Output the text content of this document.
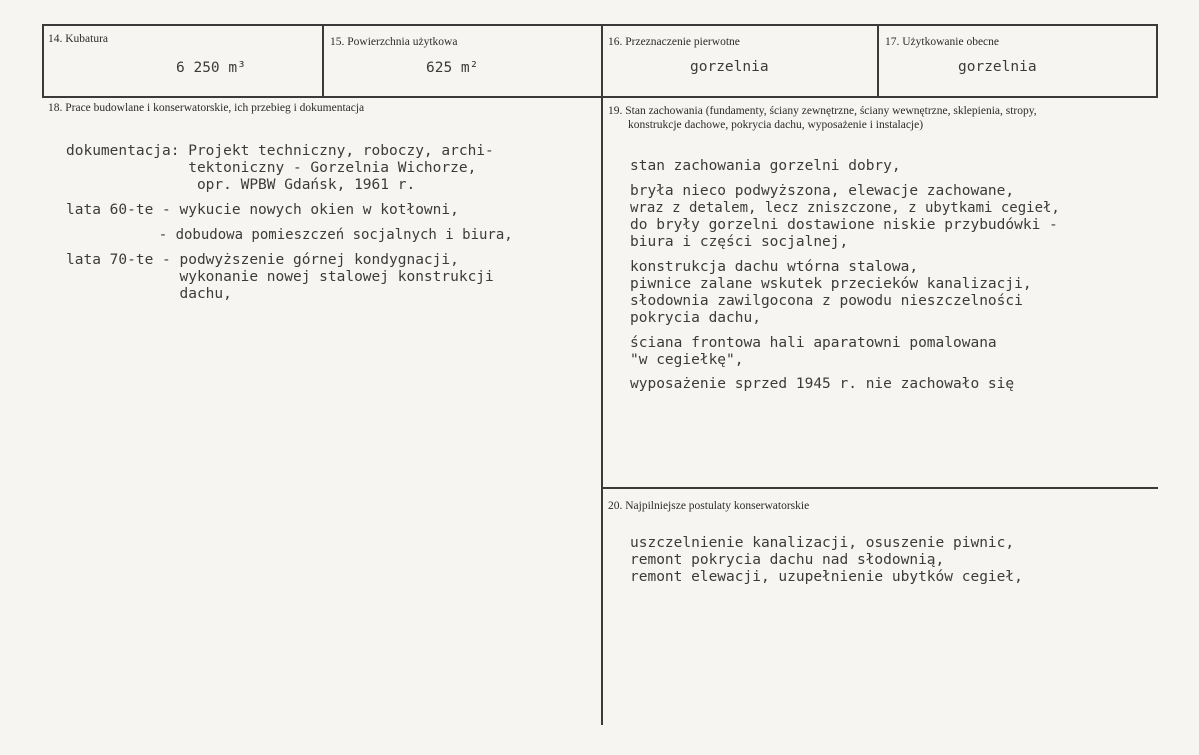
14. Kubatura
6 250 m³
15. Powierzchnia użytkowa
625 m²
16. Przeznaczenie pierwotne
gorzelnia
17. Użytkowanie obecne
gorzelnia
18. Prace budowlane i konserwatorskie, ich przebieg i dokumentacja
dokumentacja: Projekt techniczny, roboczy, archi-
tektoniczny - Gorzelnia Wichorze,
opr. WPBW Gdańsk, 1961 r.
lata 60-te - wykucie nowych okien w kotłowni,
- dobudowa pomieszczeń socjalnych i biura,
lata 70-te - podwyższenie górnej kondygnacji,
wykonanie nowej stalowej konstrukcji
dachu,
19. Stan zachowania (fundamenty, ściany zewnętrzne, ściany wewnętrzne, sklepienia, stropy,
konstrukcje dachowe, pokrycia dachu, wyposażenie i instalacje)
stan zachowania gorzelni dobry,
bryła nieco podwyższona, elewacje zachowane,
wraz z detalem, lecz zniszczone, z ubytkami cegieł,
do bryły gorzelni dostawione niskie przybudówki -
biura i części socjalnej,
konstrukcja dachu wtórna stalowa,
piwnice zalane wskutek przecieków kanalizacji,
słodownia zawilgocona z powodu nieszczelności
pokrycia dachu,
ściana frontowa hali aparatowni pomalowana
"w cegiełkę",
wyposażenie sprzed 1945 r. nie zachowało się
20. Najpilniejsze postulaty konserwatorskie
uszczelnienie kanalizacji, osuszenie piwnic,
remont pokrycia dachu nad słodownią,
remont elewacji, uzupełnienie ubytków cegieł,
